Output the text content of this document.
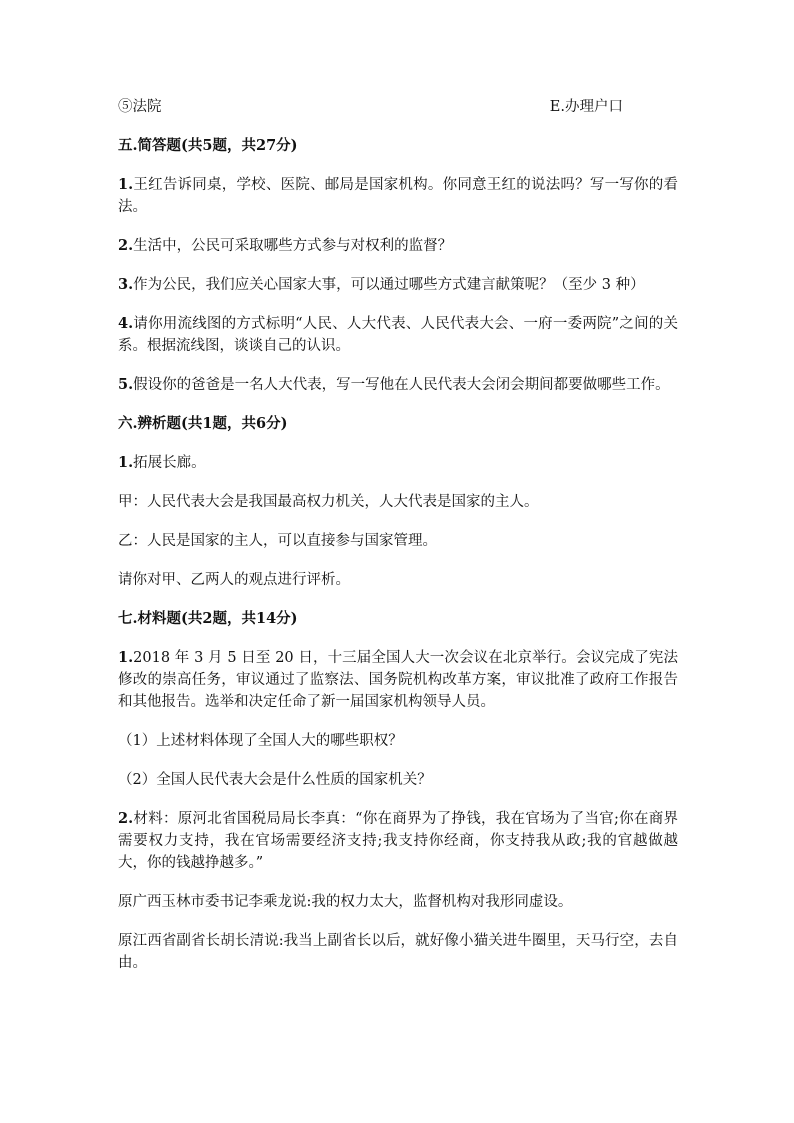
⑤法院	E.办理户口
五.简答题(共5题，共27分)
1.王红告诉同桌，学校、医院、邮局是国家机构。你同意王红的说法吗？写一写你的看法。
2.生活中，公民可采取哪些方式参与对权利的监督？
3.作为公民，我们应关心国家大事，可以通过哪些方式建言献策呢？（至少 3 种）
4.请你用流线图的方式标明“人民、人大代表、人民代表大会、一府一委两院”之间的关系。根据流线图，谈谈自己的认识。
5.假设你的爸爸是一名人大代表，写一写他在人民代表大会闭会期间都要做哪些工作。
六.辨析题(共1题，共6分)
1.拓展长廊。
甲：人民代表大会是我国最高权力机关，人大代表是国家的主人。
乙：人民是国家的主人，可以直接参与国家管理。
请你对甲、乙两人的观点进行评析。
七.材料题(共2题，共14分)
1.2018 年 3 月 5 日至 20 日，十三届全国人大一次会议在北京举行。会议完成了宪法修改的崇高任务，审议通过了监察法、国务院机构改革方案，审议批准了政府工作报告和其他报告。选举和决定任命了新一届国家机构领导人员。
（1）上述材料体现了全国人大的哪些职权？
（2）全国人民代表大会是什么性质的国家机关？
2.材料：原河北省国税局局长李真：“你在商界为了挣钱，我在官场为了当官;你在商界需要权力支持，我在官场需要经济支持;我支持你经商，你支持我从政;我的官越做越大，你的钱越挣越多。”
原广西玉林市委书记李乘龙说:我的权力太大，监督机构对我形同虚设。
原江西省副省长胡长清说:我当上副省长以后，就好像小猫关进牛圈里，天马行空，去自由。
